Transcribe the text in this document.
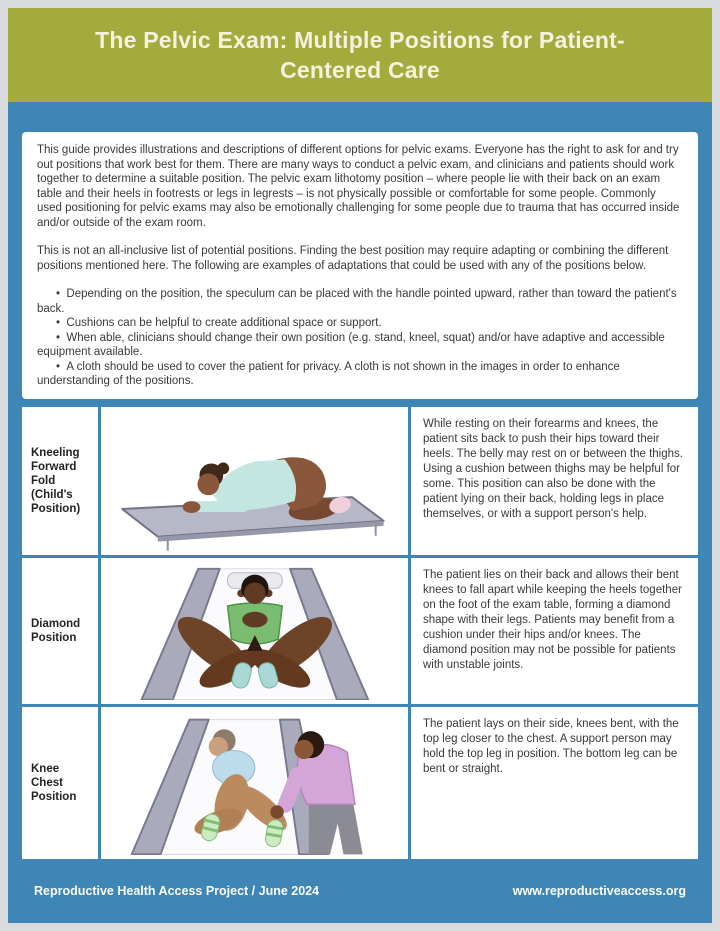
The Pelvic Exam: Multiple Positions for Patient-Centered Care

This guide provides illustrations and descriptions of different options for pelvic exams. Everyone has the right to ask for and try out positions that work best for them. There are many ways to conduct a pelvic exam, and clinicians and patients should work together to determine a suitable position. The pelvic exam lithotomy position – where people lie with their back on an exam table and their heels in footrests or legs in legrests – is not physically possible or comfortable for some people. Commonly used positioning for pelvic exams may also be emotionally challenging for some people due to trauma that has occurred inside and/or outside of the exam room.

This is not an all-inclusive list of potential positions. Finding the best position may require adapting or combining the different positions mentioned here. The following are examples of adaptations that could be used with any of the positions below.

•  Depending on the position, the speculum can be placed with the handle pointed upward, rather than toward the patient's back.

•  Cushions can be helpful to create additional space or support.

•  When able, clinicians should change their own position (e.g. stand, kneel, squat) and/or have adaptive and accessible equipment available.

•  A cloth should be used to cover the patient for privacy. A cloth is not shown in the images in order to enhance understanding of the positions.

Kneeling Forward Fold (Child's Position)
While resting on their forearms and knees, the patient sits back to push their hips toward their heels. The belly may rest on or between the thighs. Using a cushion between thighs may be helpful for some. This position can also be done with the patient lying on their back, holding legs in place themselves, or with a support person's help.
Diamond Position
The patient lies on their back and allows their bent knees to fall apart while keeping the heels together on the foot of the exam table, forming a diamond shape with their legs. Patients may benefit from a cushion under their hips and/or knees. The diamond position may not be possible for patients with unstable joints.
Knee Chest Position
The patient lays on their side, knees bent, with the top leg closer to the chest. A support person may hold the top leg in position. The bottom leg can be bent or straight.
Reproductive Health Access Project / June 2024	www.reproductiveaccess.org
